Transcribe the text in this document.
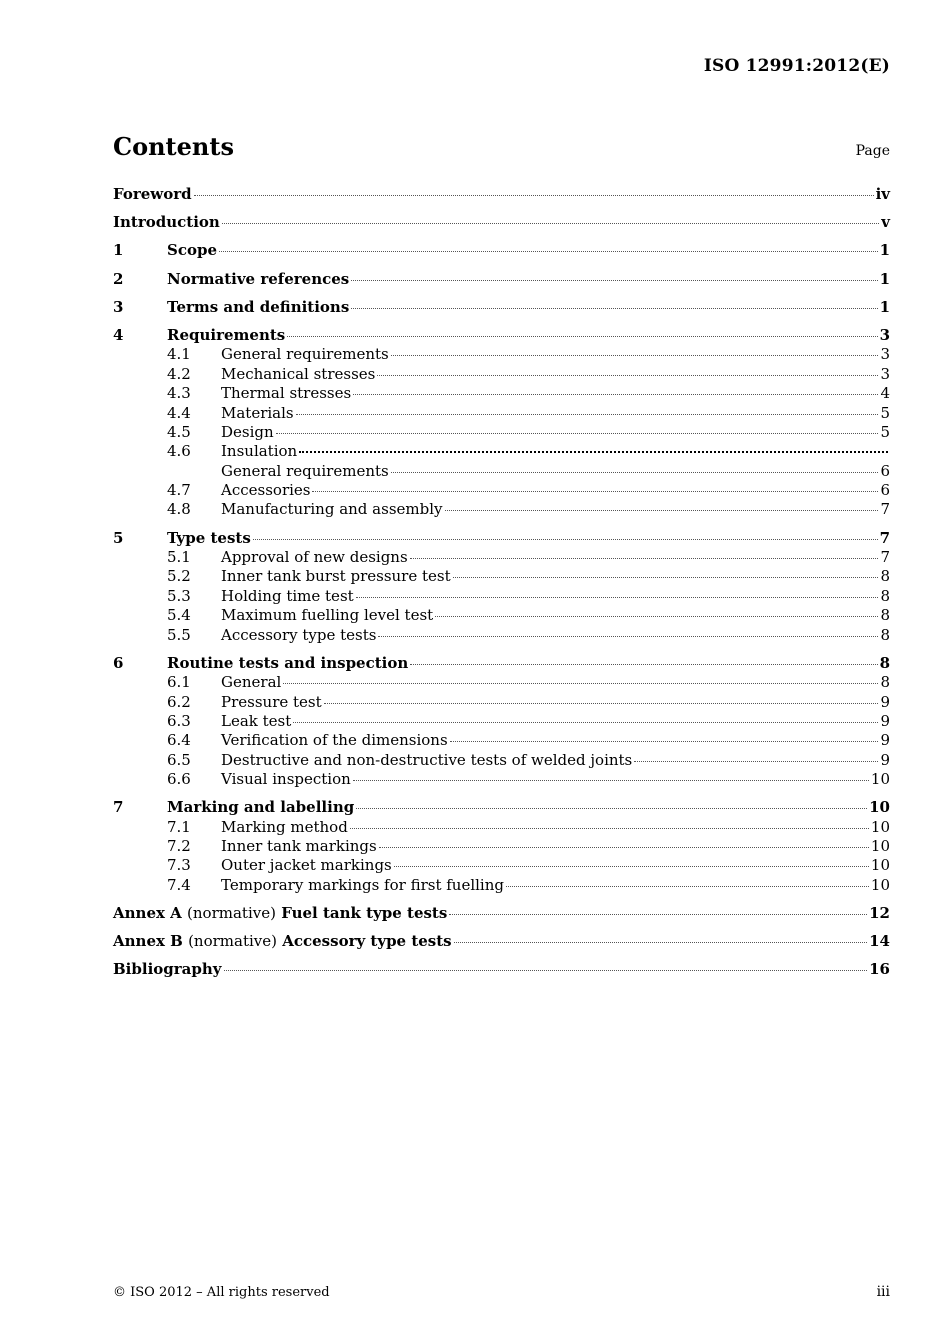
ISO 12991:2012(E)
Contents	Page
Foreword	iv
Introduction	v
1	Scope	1
2	Normative references	1
3	Terms and definitions	1
4	Requirements	3
4.1	General requirements	3
4.2	Mechanical stresses	3
4.3	Thermal stresses	4
4.4	Materials	5
4.5	Design	5
4.6	Insulation
General requirements	6
4.7	Accessories	6
4.8	Manufacturing and assembly	7
5	Type tests	7
5.1	Approval of new designs	7
5.2	Inner tank burst pressure test	8
5.3	Holding time test	8
5.4	Maximum fuelling level test	8
5.5	Accessory type tests	8
6	Routine tests and inspection	8
6.1	General	8
6.2	Pressure test	9
6.3	Leak test	9
6.4	Verification of the dimensions	9
6.5	Destructive and non-destructive tests of welded joints	9
6.6	Visual inspection	10
7	Marking and labelling	10
7.1	Marking method	10
7.2	Inner tank markings	10
7.3	Outer jacket markings	10
7.4	Temporary markings for first fuelling	10
Annex A (normative) Fuel tank type tests	12
Annex B (normative) Accessory type tests	14
Bibliography	16
© ISO 2012 – All rights reserved	iii
